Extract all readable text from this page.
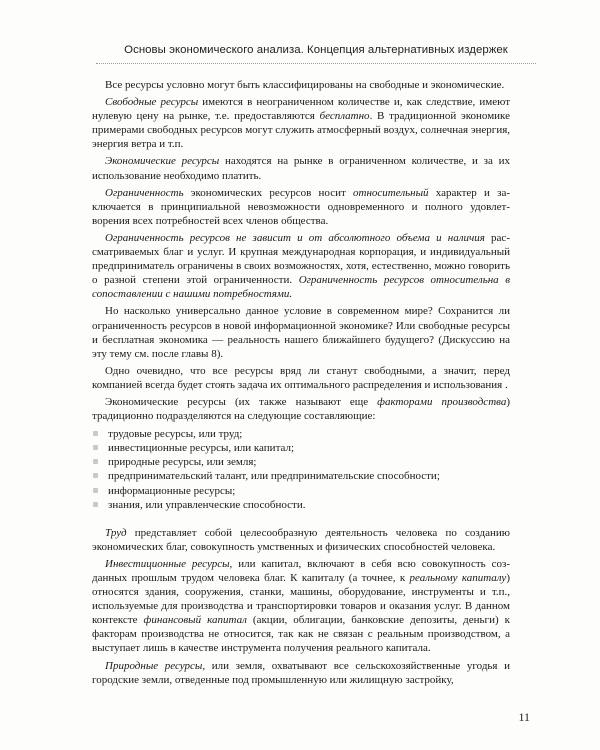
Основы экономического анализа. Концепция альтернативных издержек

Все ресурсы условно могут быть классифицированы на свободные и экономические.

Свободные ресурсы имеются в неограниченном количестве и, как следствие, имеют нулевую цену на рынке, т.е. предоставляются бесплатно. В традиционной экономике примерами свободных ресурсов могут служить атмосферный воздух, солнечная энергия, энергия ветра и т.п.

Экономические ресурсы находятся на рынке в ограниченном количестве, и за их использование необходимо платить.

Ограниченность экономических ресурсов носит относительный характер и заключается в принципиальной невозможности одновременного и полного удовлетворения всех потребностей всех членов общества.

Ограниченность ресурсов не зависит и от абсолютного объема и наличия рассматриваемых благ и услуг. И крупная международная корпорация, и индивидуальный предприниматель ограничены в своих возможностях, хотя, естественно, можно говорить о разной степени этой ограниченности. Ограниченность ресурсов относительна в сопоставлении с нашими потребностями.

Но насколько универсально данное условие в современном мире? Сохранится ли ограниченность ресурсов в новой информационной экономике? Или свободные ресурсы и бесплатная экономика — реальность нашего ближайшего будущего? (Дискуссию на эту тему см. после главы 8).

Одно очевидно, что все ресурсы вряд ли станут свободными, а значит, перед компанией всегда будет стоять задача их оптимального распределения и использования .

Экономические ресурсы (их также называют еще факторами производства) традиционно подразделяются на следующие составляющие:

трудовые ресурсы, или труд;
инвестиционные ресурсы, или капитал;
природные ресурсы, или земля;
предпринимательский талант, или предпринимательские способности;
информационные ресурсы;
знания, или управленческие способности.

Труд представляет собой целесообразную деятельность человека по созданию экономических благ, совокупность умственных и физических способностей человека.

Инвестиционные ресурсы, или капитал, включают в себя всю совокупность созданных прошлым трудом человека благ. К капиталу (а точнее, к реальному капиталу) относятся здания, сооружения, станки, машины, оборудование, инструменты и т.п., используемые для производства и транспортировки товаров и оказания услуг. В данном контексте финансовый капитал (акции, облигации, банковские депозиты, деньги) к факторам производства не относится, так как не связан с реальным производством, а выступает лишь в качестве инструмента получения реального капитала.

Природные ресурсы, или земля, охватывают все сельскохозяйственные угодья и городские земли, отведенные под промышленную или жилищную застройку,

11
